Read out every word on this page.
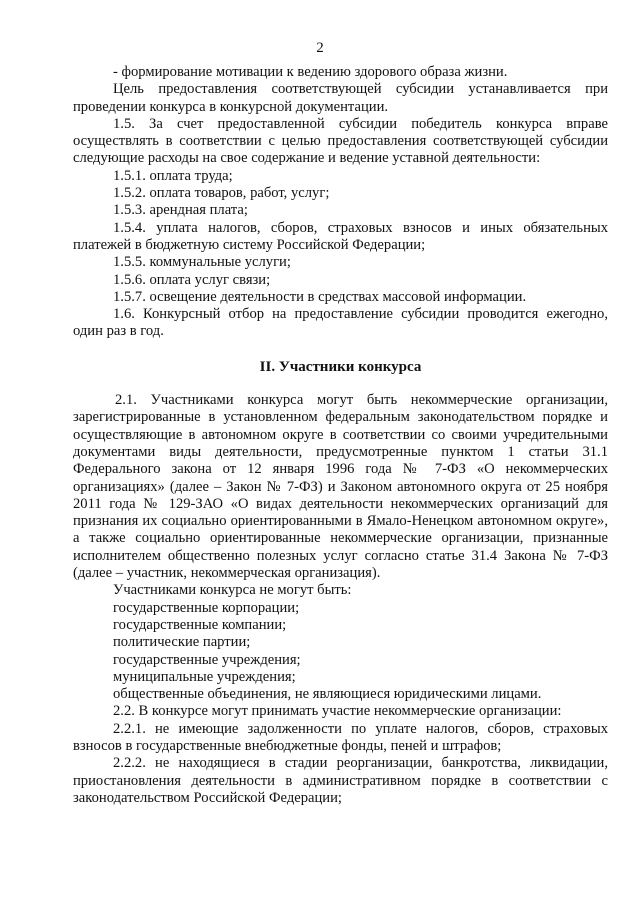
2

- формирование мотивации к ведению здорового образа жизни.

Цель предоставления соответствующей субсидии устанавливается при проведении конкурса в конкурсной документации.

1.5. За счет предоставленной субсидии победитель конкурса вправе осуществлять в соответствии с целью предоставления соответствующей субсидии следующие расходы на свое содержание и ведение уставной деятельности:

1.5.1. оплата труда;

1.5.2. оплата товаров, работ, услуг;

1.5.3. арендная плата;

1.5.4. уплата налогов, сборов, страховых взносов и иных обязательных платежей в бюджетную систему Российской Федерации;

1.5.5. коммунальные услуги;

1.5.6. оплата услуг связи;

1.5.7. освещение деятельности в средствах массовой информации.

1.6. Конкурсный отбор на предоставление субсидии проводится ежегодно, один раз в год.

II. Участники конкурса

2.1. Участниками конкурса могут быть некоммерческие организации, зарегистрированные в установленном федеральным законодательством порядке и осуществляющие в автономном округе в соответствии со своими учредительными документами виды деятельности, предусмотренные пунктом 1 статьи 31.1 Федерального закона от 12 января 1996 года № 7-ФЗ «О некоммерческих организациях» (далее – Закон № 7-ФЗ) и Законом автономного округа от 25 ноября 2011 года № 129-ЗАО «О видах деятельности некоммерческих организаций для признания их социально ориентированными в Ямало-Ненецком автономном округе», а также социально ориентированные некоммерческие организации, признанные исполнителем общественно полезных услуг согласно статье 31.4 Закона № 7-ФЗ (далее – участник, некоммерческая организация).

Участниками конкурса не могут быть:

государственные корпорации;

государственные компании;

политические партии;

государственные учреждения;

муниципальные учреждения;

общественные объединения, не являющиеся юридическими лицами.

2.2. В конкурсе могут принимать участие некоммерческие организации:

2.2.1. не имеющие задолженности по уплате налогов, сборов, страховых взносов в государственные внебюджетные фонды, пеней и штрафов;

2.2.2. не находящиеся в стадии реорганизации, банкротства, ликвидации, приостановления деятельности в административном порядке в соответствии с законодательством Российской Федерации;
